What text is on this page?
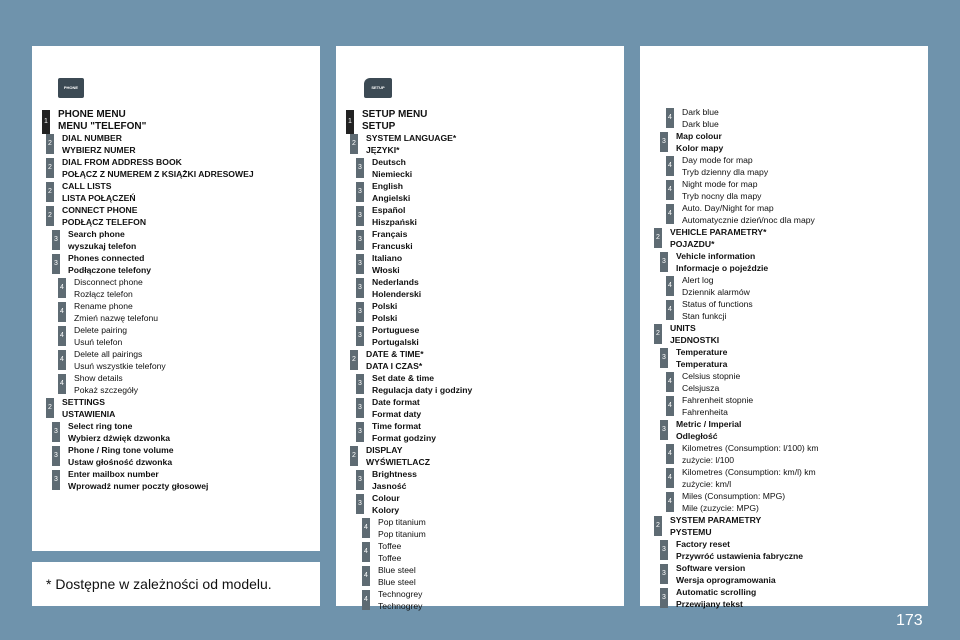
1
PHONE MENU
MENU "TELEFON"
2
DIAL NUMBER
WYBIERZ NUMER
2
DIAL FROM ADDRESS BOOK
POŁĄCZ Z NUMEREM Z KSIĄŻKI ADRESOWEJ
2
CALL LISTS
LISTA POŁĄCZEŃ
2
CONNECT PHONE
PODŁĄCZ TELEFON
3
Search phone
wyszukaj telefon
3
Phones connected
Podłączone telefony
4
Disconnect phone
Rozłącz telefon
4
Rename phone
Zmień nazwę telefonu
4
Delete pairing
Usuń telefon
4
Delete all pairings
Usuń wszystkie telefony
4
Show details
Pokaż szczegóły
2
SETTINGS
USTAWIENIA
3
Select ring tone
Wybierz dźwięk dzwonka
3
Phone / Ring tone volume
Ustaw głośność dzwonka
3
Enter mailbox number
Wprowadź numer poczty głosowej
1
SETUP MENU
SETUP
2
SYSTEM LANGUAGE*
JĘZYKI*
3
Deutsch
Niemiecki
3
English
Angielski
3
Español
Hiszpański
3
Français
Francuski
3
Italiano
Włoski
3
Nederlands
Holenderski
3
Polski
Polski
3
Portuguese
Portugalski
2
DATE & TIME*
DATA I CZAS*
3
Set date & time
Regulacja daty i godziny
3
Date format
Format daty
3
Time format
Format godziny
2
DISPLAY
WYŚWIETLACZ
3
Brightness
Jasność
3
Colour
Kolory
4
Pop titanium
Pop titanium
4
Toffee
Toffee
4
Blue steel
Blue steel
4
Technogrey
Technogrey
4
Dark blue
Dark blue
3
Map colour
Kolor mapy
4
Day mode for map
Tryb dzienny dla mapy
4
Night mode for map
Tryb nocny dla mapy
4
Auto. Day/Night for map
Automatycznie dzień/noc dla mapy
2
VEHICLE PARAMETRY*
POJAZDU*
3
Vehicle information
Informacje o pojeździe
4
Alert log
Dziennik alarmów
4
Status of functions
Stan funkcji
2
UNITS
JEDNOSTKI
3
Temperature
Temperatura
4
Celsius stopnie
Celsjusza
4
Fahrenheit stopnie
Fahrenheita
3
Metric / Imperial
Odległość
4
Kilometres (Consumption: l/100) km
zużycie: l/100
4
Kilometres (Consumption: km/l) km
zużycie: km/l
4
Miles (Consumption: MPG)
Mile (zuzycie: MPG)
2
SYSTEM PARAMETRY
PYSTEMU
3
Factory reset
Przywróć ustawienia fabryczne
3
Software version
Wersja oprogramowania
3
Automatic scrolling
Przewijany tekst
PHONE	SETUP
* Dostępne w zależności od modelu.
173
